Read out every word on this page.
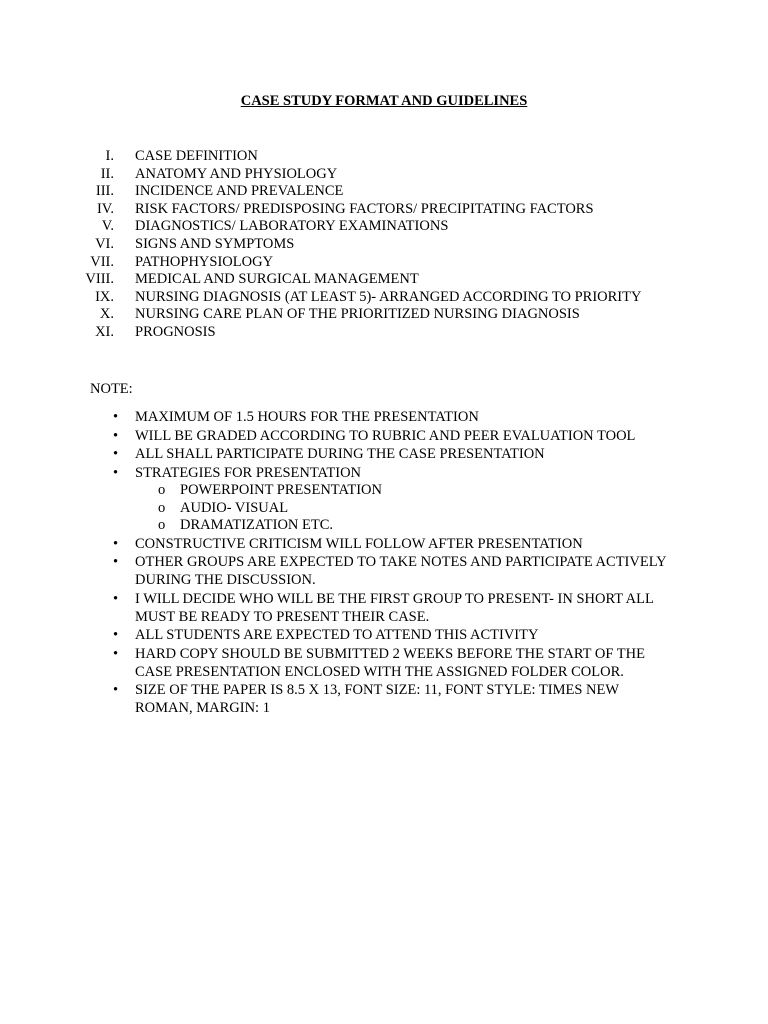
CASE STUDY FORMAT AND GUIDELINES
I. CASE DEFINITION
II. ANATOMY AND PHYSIOLOGY
III. INCIDENCE AND PREVALENCE
IV. RISK FACTORS/ PREDISPOSING FACTORS/ PRECIPITATING FACTORS
V. DIAGNOSTICS/ LABORATORY EXAMINATIONS
VI. SIGNS AND SYMPTOMS
VII. PATHOPHYSIOLOGY
VIII. MEDICAL AND SURGICAL MANAGEMENT
IX. NURSING DIAGNOSIS (AT LEAST 5)- ARRANGED ACCORDING TO PRIORITY
X. NURSING CARE PLAN OF THE PRIORITIZED NURSING DIAGNOSIS
XI. PROGNOSIS
NOTE:
• MAXIMUM OF 1.5 HOURS FOR THE PRESENTATION
• WILL BE GRADED ACCORDING TO RUBRIC AND PEER EVALUATION TOOL
• ALL SHALL PARTICIPATE DURING THE CASE PRESENTATION
• STRATEGIES FOR PRESENTATION
o POWERPOINT PRESENTATION
o AUDIO- VISUAL
o DRAMATIZATION ETC.
• CONSTRUCTIVE CRITICISM WILL FOLLOW AFTER PRESENTATION
• OTHER GROUPS ARE EXPECTED TO TAKE NOTES AND PARTICIPATE ACTIVELY DURING THE DISCUSSION.
• I WILL DECIDE WHO WILL BE THE FIRST GROUP TO PRESENT- IN SHORT ALL MUST BE READY TO PRESENT THEIR CASE.
• ALL STUDENTS ARE EXPECTED TO ATTEND THIS ACTIVITY
• HARD COPY SHOULD BE SUBMITTED 2 WEEKS BEFORE THE START OF THE CASE PRESENTATION ENCLOSED WITH THE ASSIGNED FOLDER COLOR.
• SIZE OF THE PAPER IS 8.5 X 13, FONT SIZE: 11, FONT STYLE: TIMES NEW ROMAN, MARGIN: 1
